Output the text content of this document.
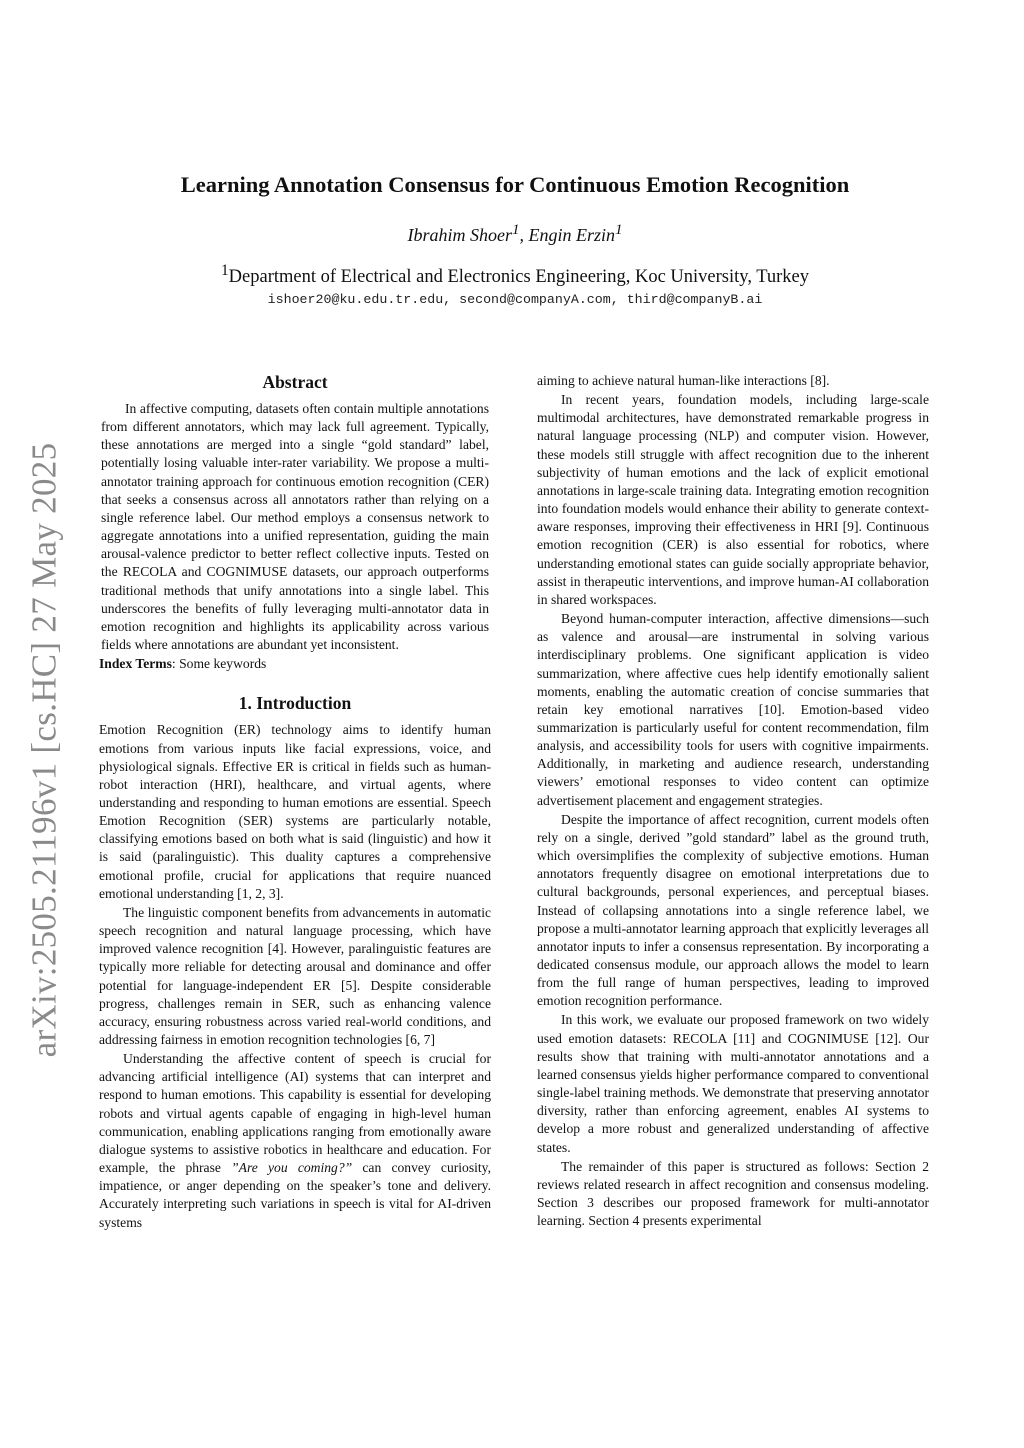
arXiv:2505.21196v1 [cs.HC] 27 May 2025
Learning Annotation Consensus for Continuous Emotion Recognition
Ibrahim Shoer$^1$, Engin Erzin$^1$
$^1$Department of Electrical and Electronics Engineering, Koc University, Turkey
ishoer20@ku.edu.tr.edu, second@companyA.com, third@companyB.ai
Abstract

In affective computing, datasets often contain multiple annotations from different annotators, which may lack full agreement. Typically, these annotations are merged into a single “gold standard” label, potentially losing valuable inter-rater variability. We propose a multi-annotator training approach for continuous emotion recognition (CER) that seeks a consensus across all annotators rather than relying on a single reference label. Our method employs a consensus network to aggregate annotations into a unified representation, guiding the main arousal-valence predictor to better reflect collective inputs. Tested on the RECOLA and COGNIMUSE datasets, our approach outperforms traditional methods that unify annotations into a single label. This underscores the benefits of fully leveraging multi-annotator data in emotion recognition and highlights its applicability across various fields where annotations are abundant yet inconsistent.

Index Terms: Some keywords

1. Introduction

Emotion Recognition (ER) technology aims to identify human emotions from various inputs like facial expressions, voice, and physiological signals. Effective ER is critical in fields such as human-robot interaction (HRI), healthcare, and virtual agents, where understanding and responding to human emotions are essential. Speech Emotion Recognition (SER) systems are particularly notable, classifying emotions based on both what is said (linguistic) and how it is said (paralinguistic). This duality captures a comprehensive emotional profile, crucial for applications that require nuanced emotional understanding [1, 2, 3].

The linguistic component benefits from advancements in automatic speech recognition and natural language processing, which have improved valence recognition [4]. However, paralinguistic features are typically more reliable for detecting arousal and dominance and offer potential for language-independent ER [5]. Despite considerable progress, challenges remain in SER, such as enhancing valence accuracy, ensuring robustness across varied real-world conditions, and addressing fairness in emotion recognition technologies [6, 7]

Understanding the affective content of speech is crucial for advancing artificial intelligence (AI) systems that can interpret and respond to human emotions. This capability is essential for developing robots and virtual agents capable of engaging in high-level human communication, enabling applications ranging from emotionally aware dialogue systems to assistive robotics in healthcare and education. For example, the phrase ”Are you coming?” can convey curiosity, impatience, or anger depending on the speaker’s tone and delivery. Accurately interpreting such variations in speech is vital for AI-driven systems

aiming to achieve natural human-like interactions [8].

In recent years, foundation models, including large-scale multimodal architectures, have demonstrated remarkable progress in natural language processing (NLP) and computer vision. However, these models still struggle with affect recognition due to the inherent subjectivity of human emotions and the lack of explicit emotional annotations in large-scale training data. Integrating emotion recognition into foundation models would enhance their ability to generate context-aware responses, improving their effectiveness in HRI [9]. Continuous emotion recognition (CER) is also essential for robotics, where understanding emotional states can guide socially appropriate behavior, assist in therapeutic interventions, and improve human-AI collaboration in shared workspaces.

Beyond human-computer interaction, affective dimensions—such as valence and arousal—are instrumental in solving various interdisciplinary problems. One significant application is video summarization, where affective cues help identify emotionally salient moments, enabling the automatic creation of concise summaries that retain key emotional narratives [10]. Emotion-based video summarization is particularly useful for content recommendation, film analysis, and accessibility tools for users with cognitive impairments. Additionally, in marketing and audience research, understanding viewers’ emotional responses to video content can optimize advertisement placement and engagement strategies.

Despite the importance of affect recognition, current models often rely on a single, derived ”gold standard” label as the ground truth, which oversimplifies the complexity of subjective emotions. Human annotators frequently disagree on emotional interpretations due to cultural backgrounds, personal experiences, and perceptual biases. Instead of collapsing annotations into a single reference label, we propose a multi-annotator learning approach that explicitly leverages all annotator inputs to infer a consensus representation. By incorporating a dedicated consensus module, our approach allows the model to learn from the full range of human perspectives, leading to improved emotion recognition performance.

In this work, we evaluate our proposed framework on two widely used emotion datasets: RECOLA [11] and COGNIMUSE [12]. Our results show that training with multi-annotator annotations and a learned consensus yields higher performance compared to conventional single-label training methods. We demonstrate that preserving annotator diversity, rather than enforcing agreement, enables AI systems to develop a more robust and generalized understanding of affective states.

The remainder of this paper is structured as follows: Section 2 reviews related research in affect recognition and consensus modeling. Section 3 describes our proposed framework for multi-annotator learning. Section 4 presents experimental
